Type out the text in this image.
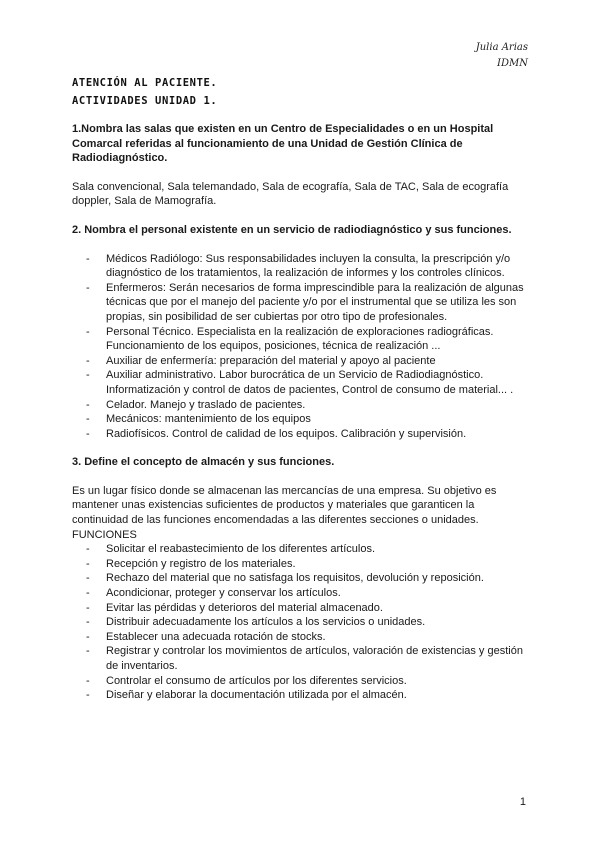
Julia Arias
IDMN
ATENCIÓN AL PACIENTE.
ACTIVIDADES UNIDAD 1.
1.Nombra las salas que existen en un Centro de Especialidades o en un Hospital Comarcal referidas al funcionamiento de una Unidad de Gestión Clínica de Radiodiagnóstico.
Sala convencional, Sala telemandado, Sala de ecografía, Sala de TAC, Sala de ecografía doppler, Sala de Mamografía.
2. Nombra el personal existente en un servicio de radiodiagnóstico y sus funciones.
- Médicos Radiólogo: Sus responsabilidades incluyen la consulta, la prescripción y/o diagnóstico de los tratamientos, la realización de informes y los controles clínicos.
- Enfermeros: Serán necesarios de forma imprescindible para la realización de algunas técnicas que por el manejo del paciente y/o por el instrumental que se utiliza les son propias, sin posibilidad de ser cubiertas por otro tipo de profesionales.
- Personal Técnico. Especialista en la realización de exploraciones radiográficas. Funcionamiento de los equipos, posiciones, técnica de realización ...
- Auxiliar de enfermería: preparación del material y apoyo al paciente
- Auxiliar administrativo. Labor burocrática de un Servicio de Radiodiagnóstico. Informatización y control de datos de pacientes, Control de consumo de material... .
- Celador. Manejo y traslado de pacientes.
- Mecánicos: mantenimiento de los equipos
- Radiofísicos. Control de calidad de los equipos. Calibración y supervisión.
3. Define el concepto de almacén y sus funciones.
Es un lugar físico donde se almacenan las mercancías de una empresa. Su objetivo es mantener unas existencias suficientes de productos y materiales que garanticen la continuidad de las funciones encomendadas a las diferentes secciones o unidades.
FUNCIONES
- Solicitar el reabastecimiento de los diferentes artículos.
- Recepción y registro de los materiales.
- Rechazo del material que no satisfaga los requisitos, devolución y reposición.
- Acondicionar, proteger y conservar los artículos.
- Evitar las pérdidas y deterioros del material almacenado.
- Distribuir adecuadamente los artículos a los servicios o unidades.
- Establecer una adecuada rotación de stocks.
- Registrar y controlar los movimientos de artículos, valoración de existencias y gestión de inventarios.
- Controlar el consumo de artículos por los diferentes servicios.
- Diseñar y elaborar la documentación utilizada por el almacén.
1
